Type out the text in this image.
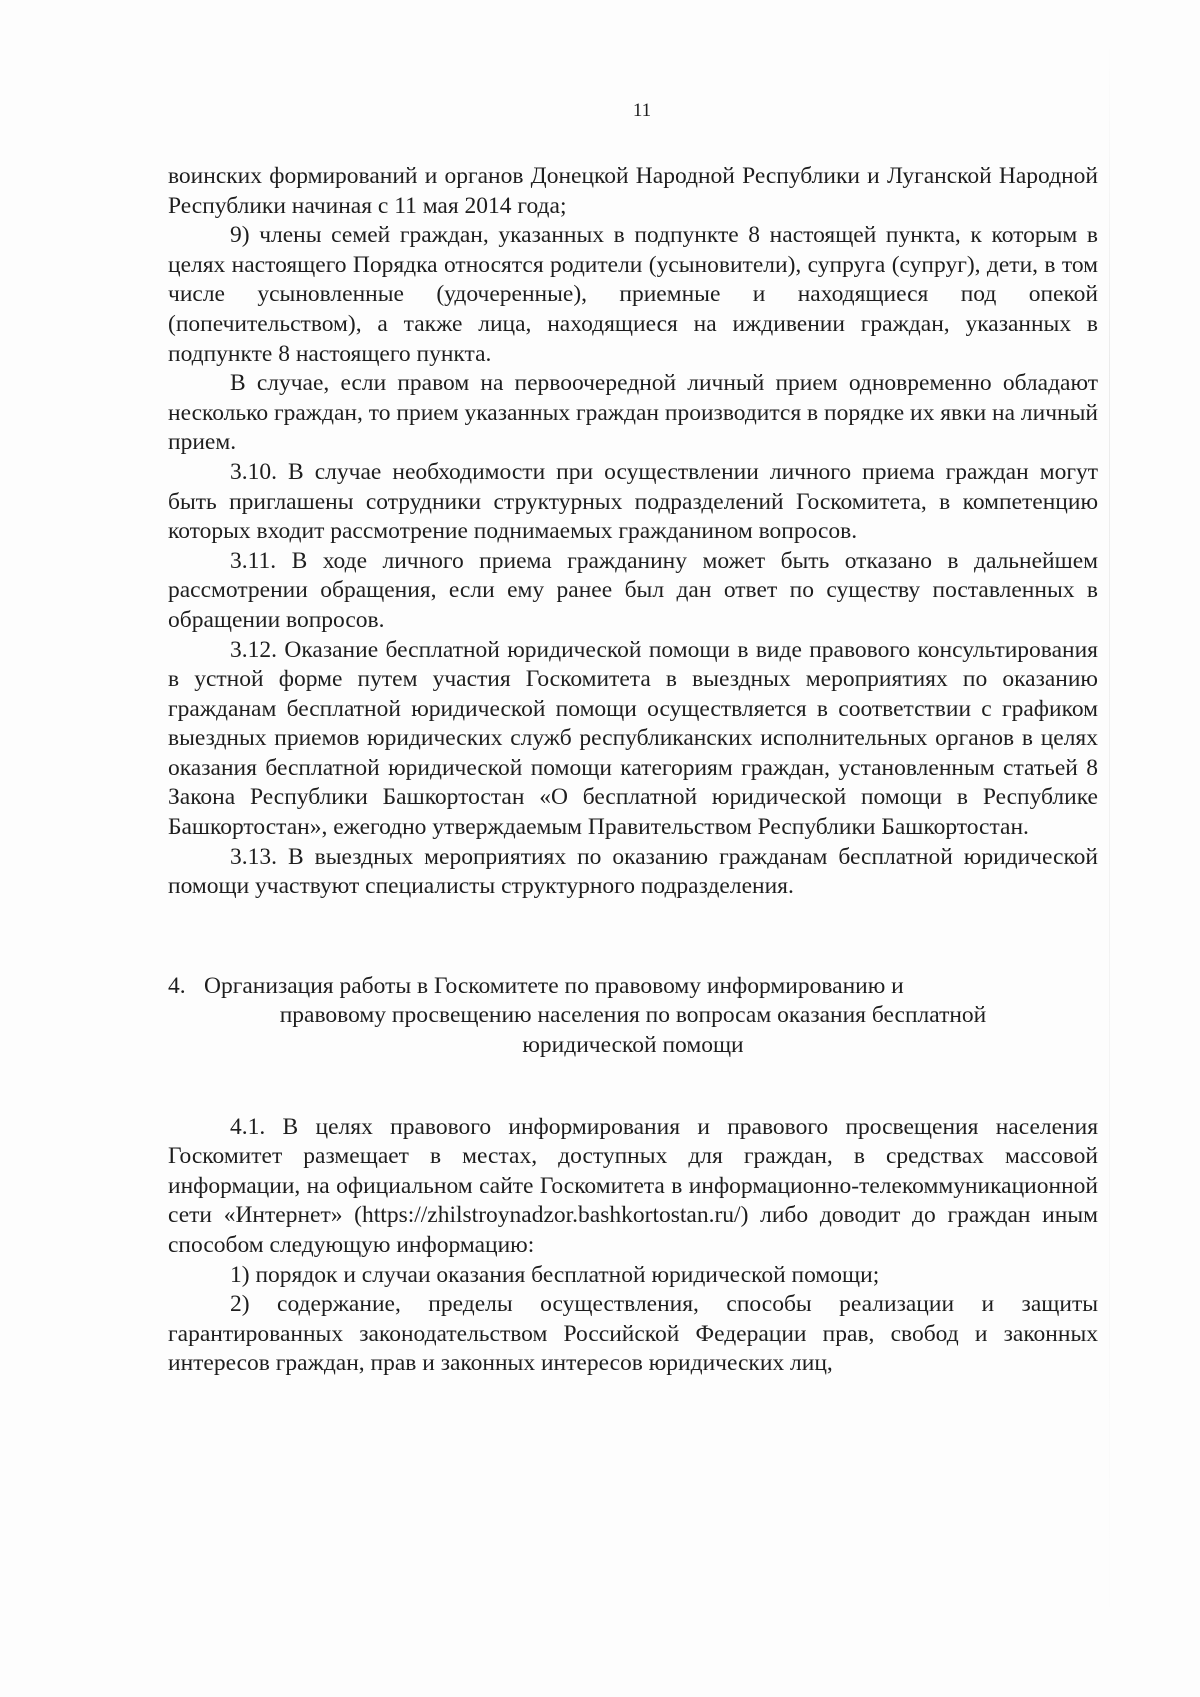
11

воинских формирований и органов Донецкой Народной Республики и Луганской Народной Республики начиная с 11 мая 2014 года;

9) члены семей граждан, указанных в подпункте 8 настоящей пункта, к которым в целях настоящего Порядка относятся родители (усыновители), супруга (супруг), дети, в том числе усыновленные (удочеренные), приемные и находящиеся под опекой (попечительством), а также лица, находящиеся на иждивении граждан, указанных в подпункте 8 настоящего пункта.

В случае, если правом на первоочередной личный прием одновременно обладают несколько граждан, то прием указанных граждан производится в порядке их явки на личный прием.

3.10. В случае необходимости при осуществлении личного приема граждан могут быть приглашены сотрудники структурных подразделений Госкомитета, в компетенцию которых входит рассмотрение поднимаемых гражданином вопросов.

3.11. В ходе личного приема гражданину может быть отказано в дальнейшем рассмотрении обращения, если ему ранее был дан ответ по существу поставленных в обращении вопросов.

3.12. Оказание бесплатной юридической помощи в виде правового консультирования в устной форме путем участия Госкомитета в выездных мероприятиях по оказанию гражданам бесплатной юридической помощи осуществляется в соответствии с графиком выездных приемов юридических служб республиканских исполнительных органов в целях оказания бесплатной юридической помощи категориям граждан, установленным статьей 8 Закона Республики Башкортостан «О бесплатной юридической помощи в Республике Башкортостан», ежегодно утверждаемым Правительством Республики Башкортостан.

3.13. В выездных мероприятиях по оказанию гражданам бесплатной юридической помощи участвуют специалисты структурного подразделения.

4. Организация работы в Госкомитете по правовому информированию и
правовому просвещению населения по вопросам оказания бесплатной
юридической помощи

4.1. В целях правового информирования и правового просвещения населения Госкомитет размещает в местах, доступных для граждан, в средствах массовой информации, на официальном сайте Госкомитета в информационно-телекоммуникационной сети «Интернет» (https://zhilstroynadzor.bashkortostan.ru/) либо доводит до граждан иным способом следующую информацию:

1) порядок и случаи оказания бесплатной юридической помощи;

2) содержание, пределы осуществления, способы реализации и защиты гарантированных законодательством Российской Федерации прав, свобод и законных интересов граждан, прав и законных интересов юридических лиц,
